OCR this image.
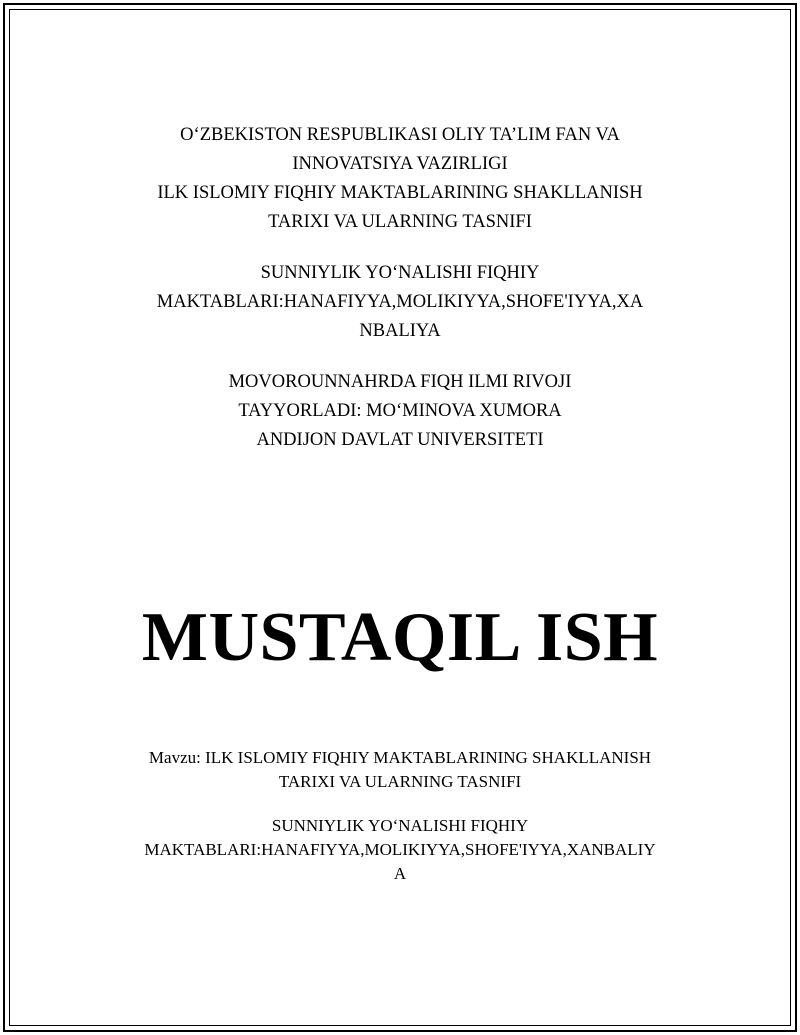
O‘ZBEKISTON RESPUBLIKASI OLIY TA’LIM FAN VA
INNOVATSIYA VAZIRLIGI
ILK ISLOMIY FIQHIY MAKTABLARINING SHAKLLANISH
TARIXI VA ULARNING TASNIFI
SUNNIYLIK YO‘NALISHI FIQHIY
MAKTABLARI:HANAFIYYA,MOLIKIYYA,SHOFE'IYYA,XA
NBALIYA
MOVOROUNNAHRDA FIQH ILMI RIVOJI
TAYYORLADI: MO‘MINOVA XUMORA
ANDIJON DAVLAT UNIVERSITETI
MUSTAQIL ISH
Mavzu: ILK ISLOMIY FIQHIY MAKTABLARINING SHAKLLANISH
TARIXI VA ULARNING TASNIFI
SUNNIYLIK YO‘NALISHI FIQHIY
MAKTABLARI:HANAFIYYA,MOLIKIYYA,SHOFE'IYYA,XANBALIY
A
